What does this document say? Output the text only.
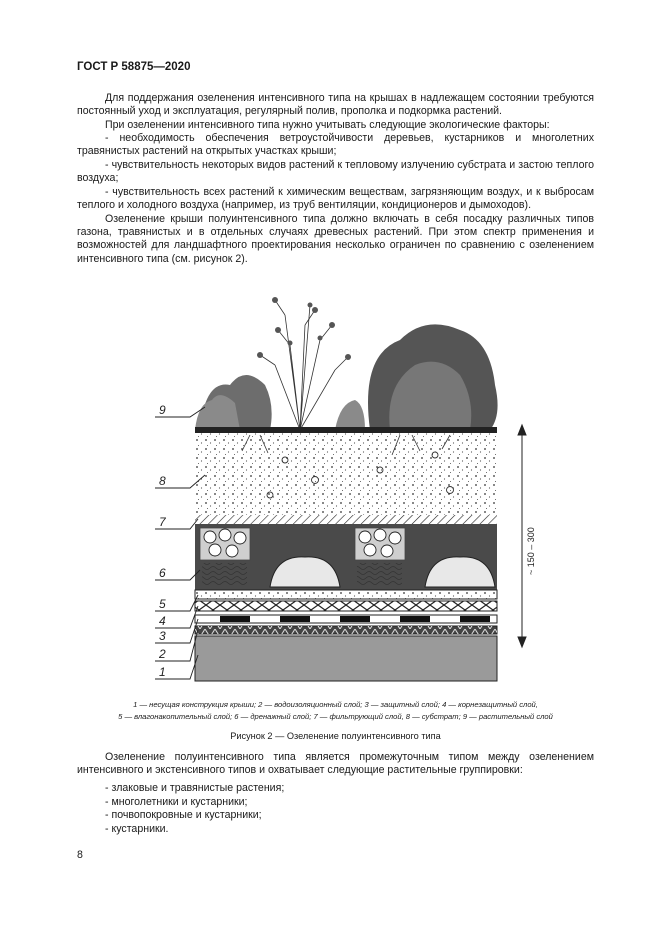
ГОСТ Р 58875—2020

Для поддержания озеленения интенсивного типа на крышах в надлежащем состоянии требуются постоянный уход и эксплуатация, регулярный полив, прополка и подкормка растений.

При озеленении интенсивного типа нужно учитывать следующие экологические факторы:

- необходимость обеспечения ветроустойчивости деревьев, кустарников и многолетних травянистых растений на открытых участках крыши;

- чувствительность некоторых видов растений к тепловому излучению субстрата и застою теплого воздуха;

- чувствительность всех растений к химическим веществам, загрязняющим воздух, и к выбросам теплого и холодного воздуха (например, из труб вентиляции, кондиционеров и дымоходов).

Озеленение крыши полуинтенсивного типа должно включать в себя посадку различных типов газона, травянистых и в отдельных случаях древесных растений. При этом спектр применения и возможностей для ландшафтного проектирования несколько ограничен по сравнению с озеленением интенсивного типа (см. рисунок 2).

9
8
7
6
5
4
3
2
1
~ 150 – 300
1 — несущая конструкция крыши; 2 — водоизоляционный слой; 3 — защитный слой; 4 — корнезащитный слой,
5 — влагонакопительный слой; 6 — дренажный слой; 7 — фильтрующий слой, 8 — субстрат; 9 — растительный слой
Рисунок 2 — Озеленение полуинтенсивного типа

Озеленение полуинтенсивного типа является промежуточным типом между озеленением интенсивного и экстенсивного типов и охватывает следующие растительные группировки:

- злаковые и травянистые растения;
- многолетники и кустарники;
- почвопокровные и кустарники;
- кустарники.
8
